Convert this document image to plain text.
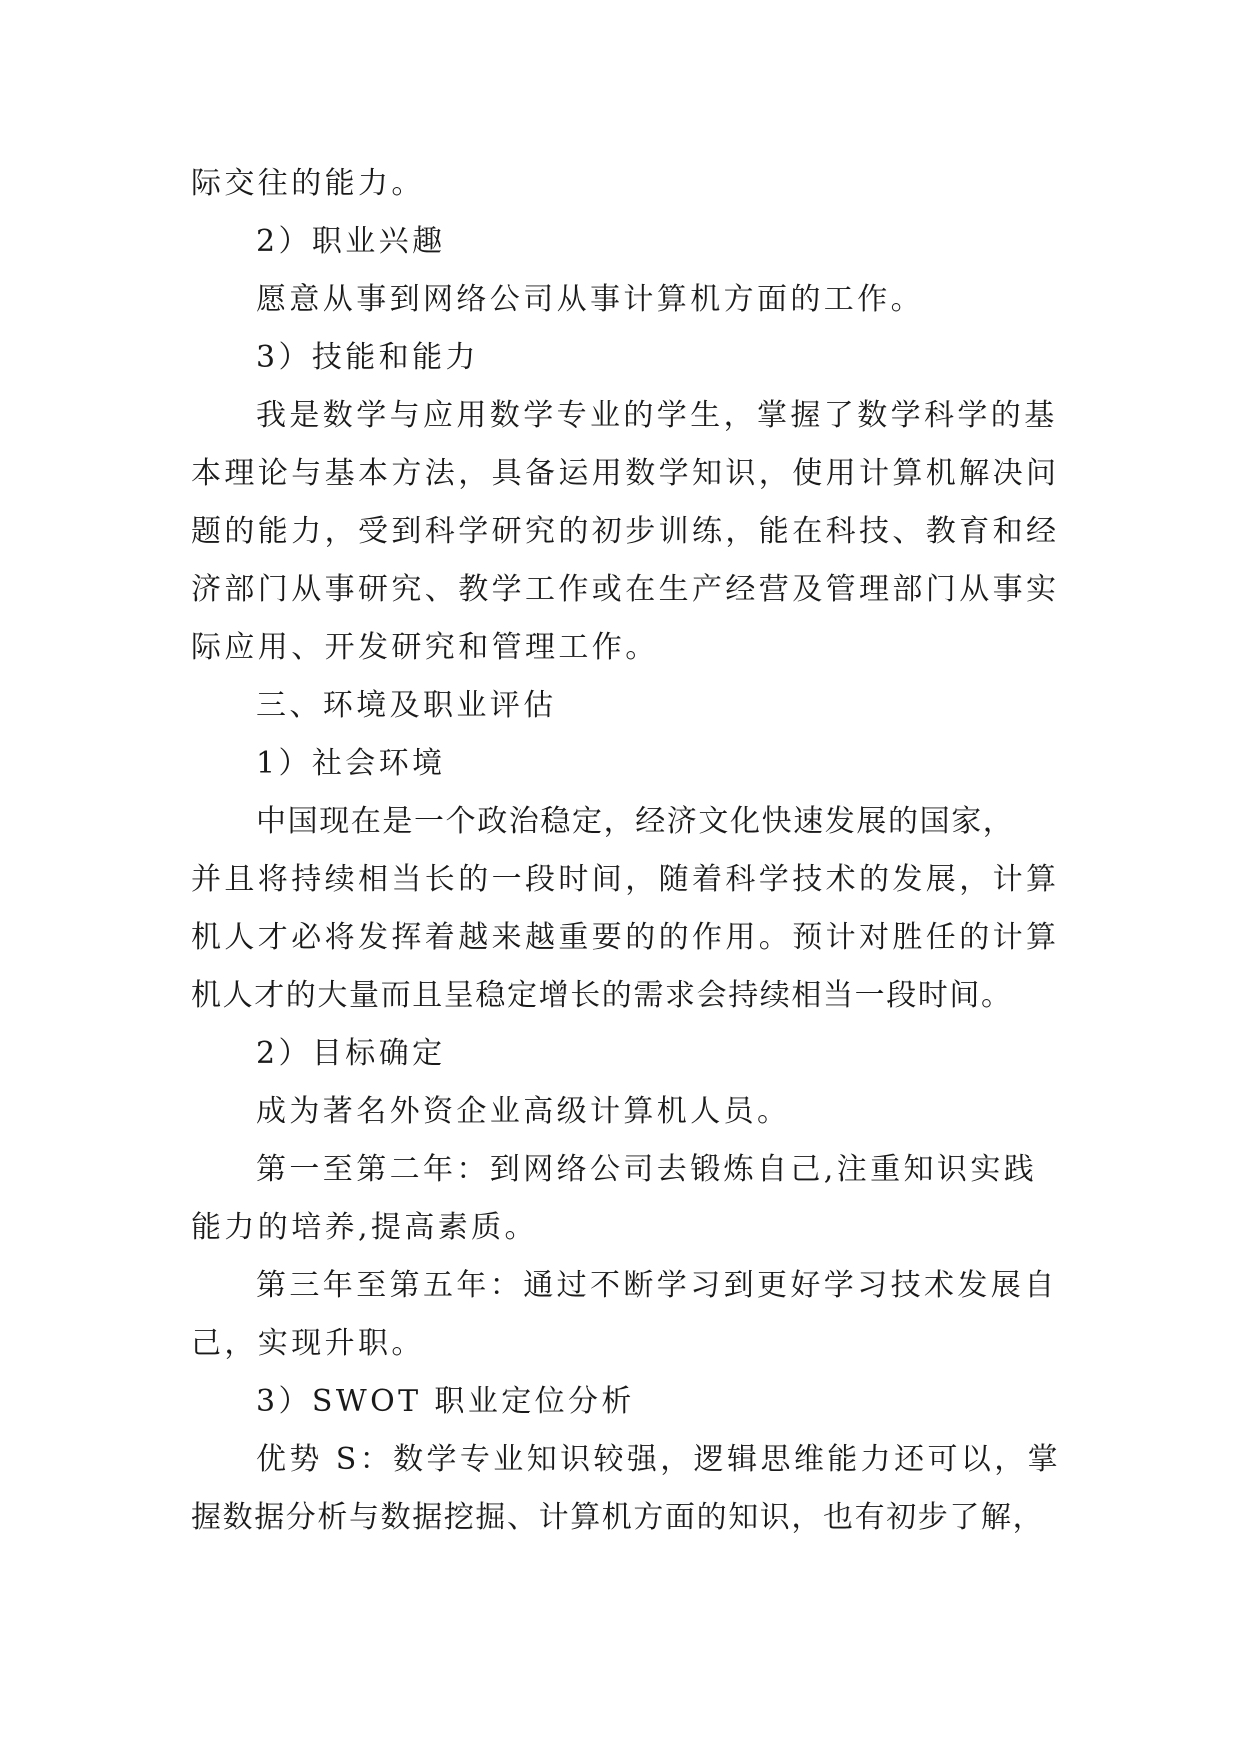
际交往的能力。
2）职业兴趣
愿意从事到网络公司从事计算机方面的工作。
3）技能和能力
我是数学与应用数学专业的学生，掌握了数学科学的基
本理论与基本方法，具备运用数学知识，使用计算机解决问
题的能力，受到科学研究的初步训练，能在科技、教育和经
济部门从事研究、教学工作或在生产经营及管理部门从事实
际应用、开发研究和管理工作。
三、环境及职业评估
1）社会环境
中国现在是一个政治稳定，经济文化快速发展的国家，
并且将持续相当长的一段时间，随着科学技术的发展，计算
机人才必将发挥着越来越重要的的作用。预计对胜任的计算
机人才的大量而且呈稳定增长的需求会持续相当一段时间。
2）目标确定
成为著名外资企业高级计算机人员。
第一至第二年：到网络公司去锻炼自己,注重知识实践
能力的培养,提高素质。
第三年至第五年：通过不断学习到更好学习技术发展自
己，实现升职。
3）SWOT 职业定位分析
优势 S：数学专业知识较强，逻辑思维能力还可以，掌
握数据分析与数据挖掘、计算机方面的知识，也有初步了解，
